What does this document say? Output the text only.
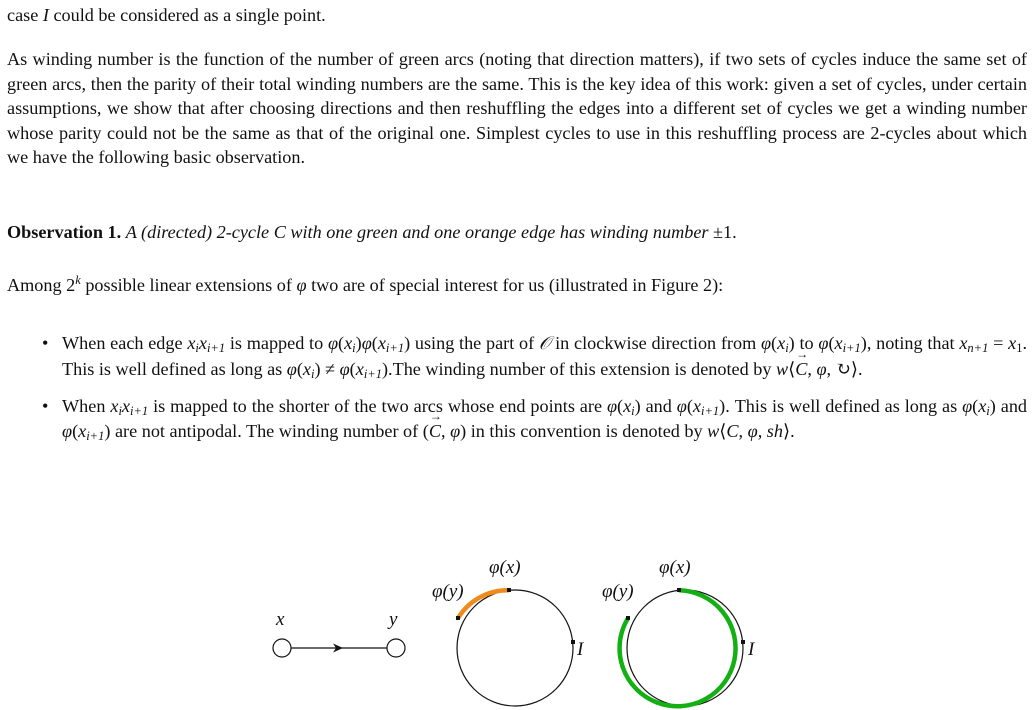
case I could be considered as a single point.

As winding number is the function of the number of green arcs (noting that direction matters), if two sets of cycles induce the same set of green arcs, then the parity of their total winding numbers are the same. This is the key idea of this work: given a set of cycles, under certain assumptions, we show that after choosing directions and then reshuffling the edges into a different set of cycles we get a winding number whose parity could not be the same as that of the original one. Simplest cycles to use in this reshuffling process are 2-cycles about which we have the following basic observation.

Observation 1. A (directed) 2-cycle C with one green and one orange edge has winding number ±1.

Among 2$^k$ possible linear extensions of φ two are of special interest for us (illustrated in Figure 2):

• When each edge $x_ix_{i+1}$ is mapped to $\varphi(x_i)\varphi(x_{i+1})$ using the part of 𝒪 in clockwise direction from $\varphi(x_i)$ to $\varphi(x_{i+1})$, noting that $x_{n+1} = x_1$. This is well defined as long as $\varphi(x_i) \ne \varphi(x_{i+1}).The$ winding number of this extension is denoted by w⟨→ C, φ, ↻⟩.
• When $x_ix_{i+1}$ is mapped to the shorter of the two arcs whose end points are $\varphi(x_i)$ and $\varphi(x_{i+1})$. This is well defined as long as $\varphi(x_i)$ and $\varphi(x_{i+1})$ are not antipodal. The winding number of (→ C, φ) in this convention is denoted by w⟨C, φ, sh⟩.
x	y
φ(x)
φ(y)
I
φ(x)
φ(y)
I
